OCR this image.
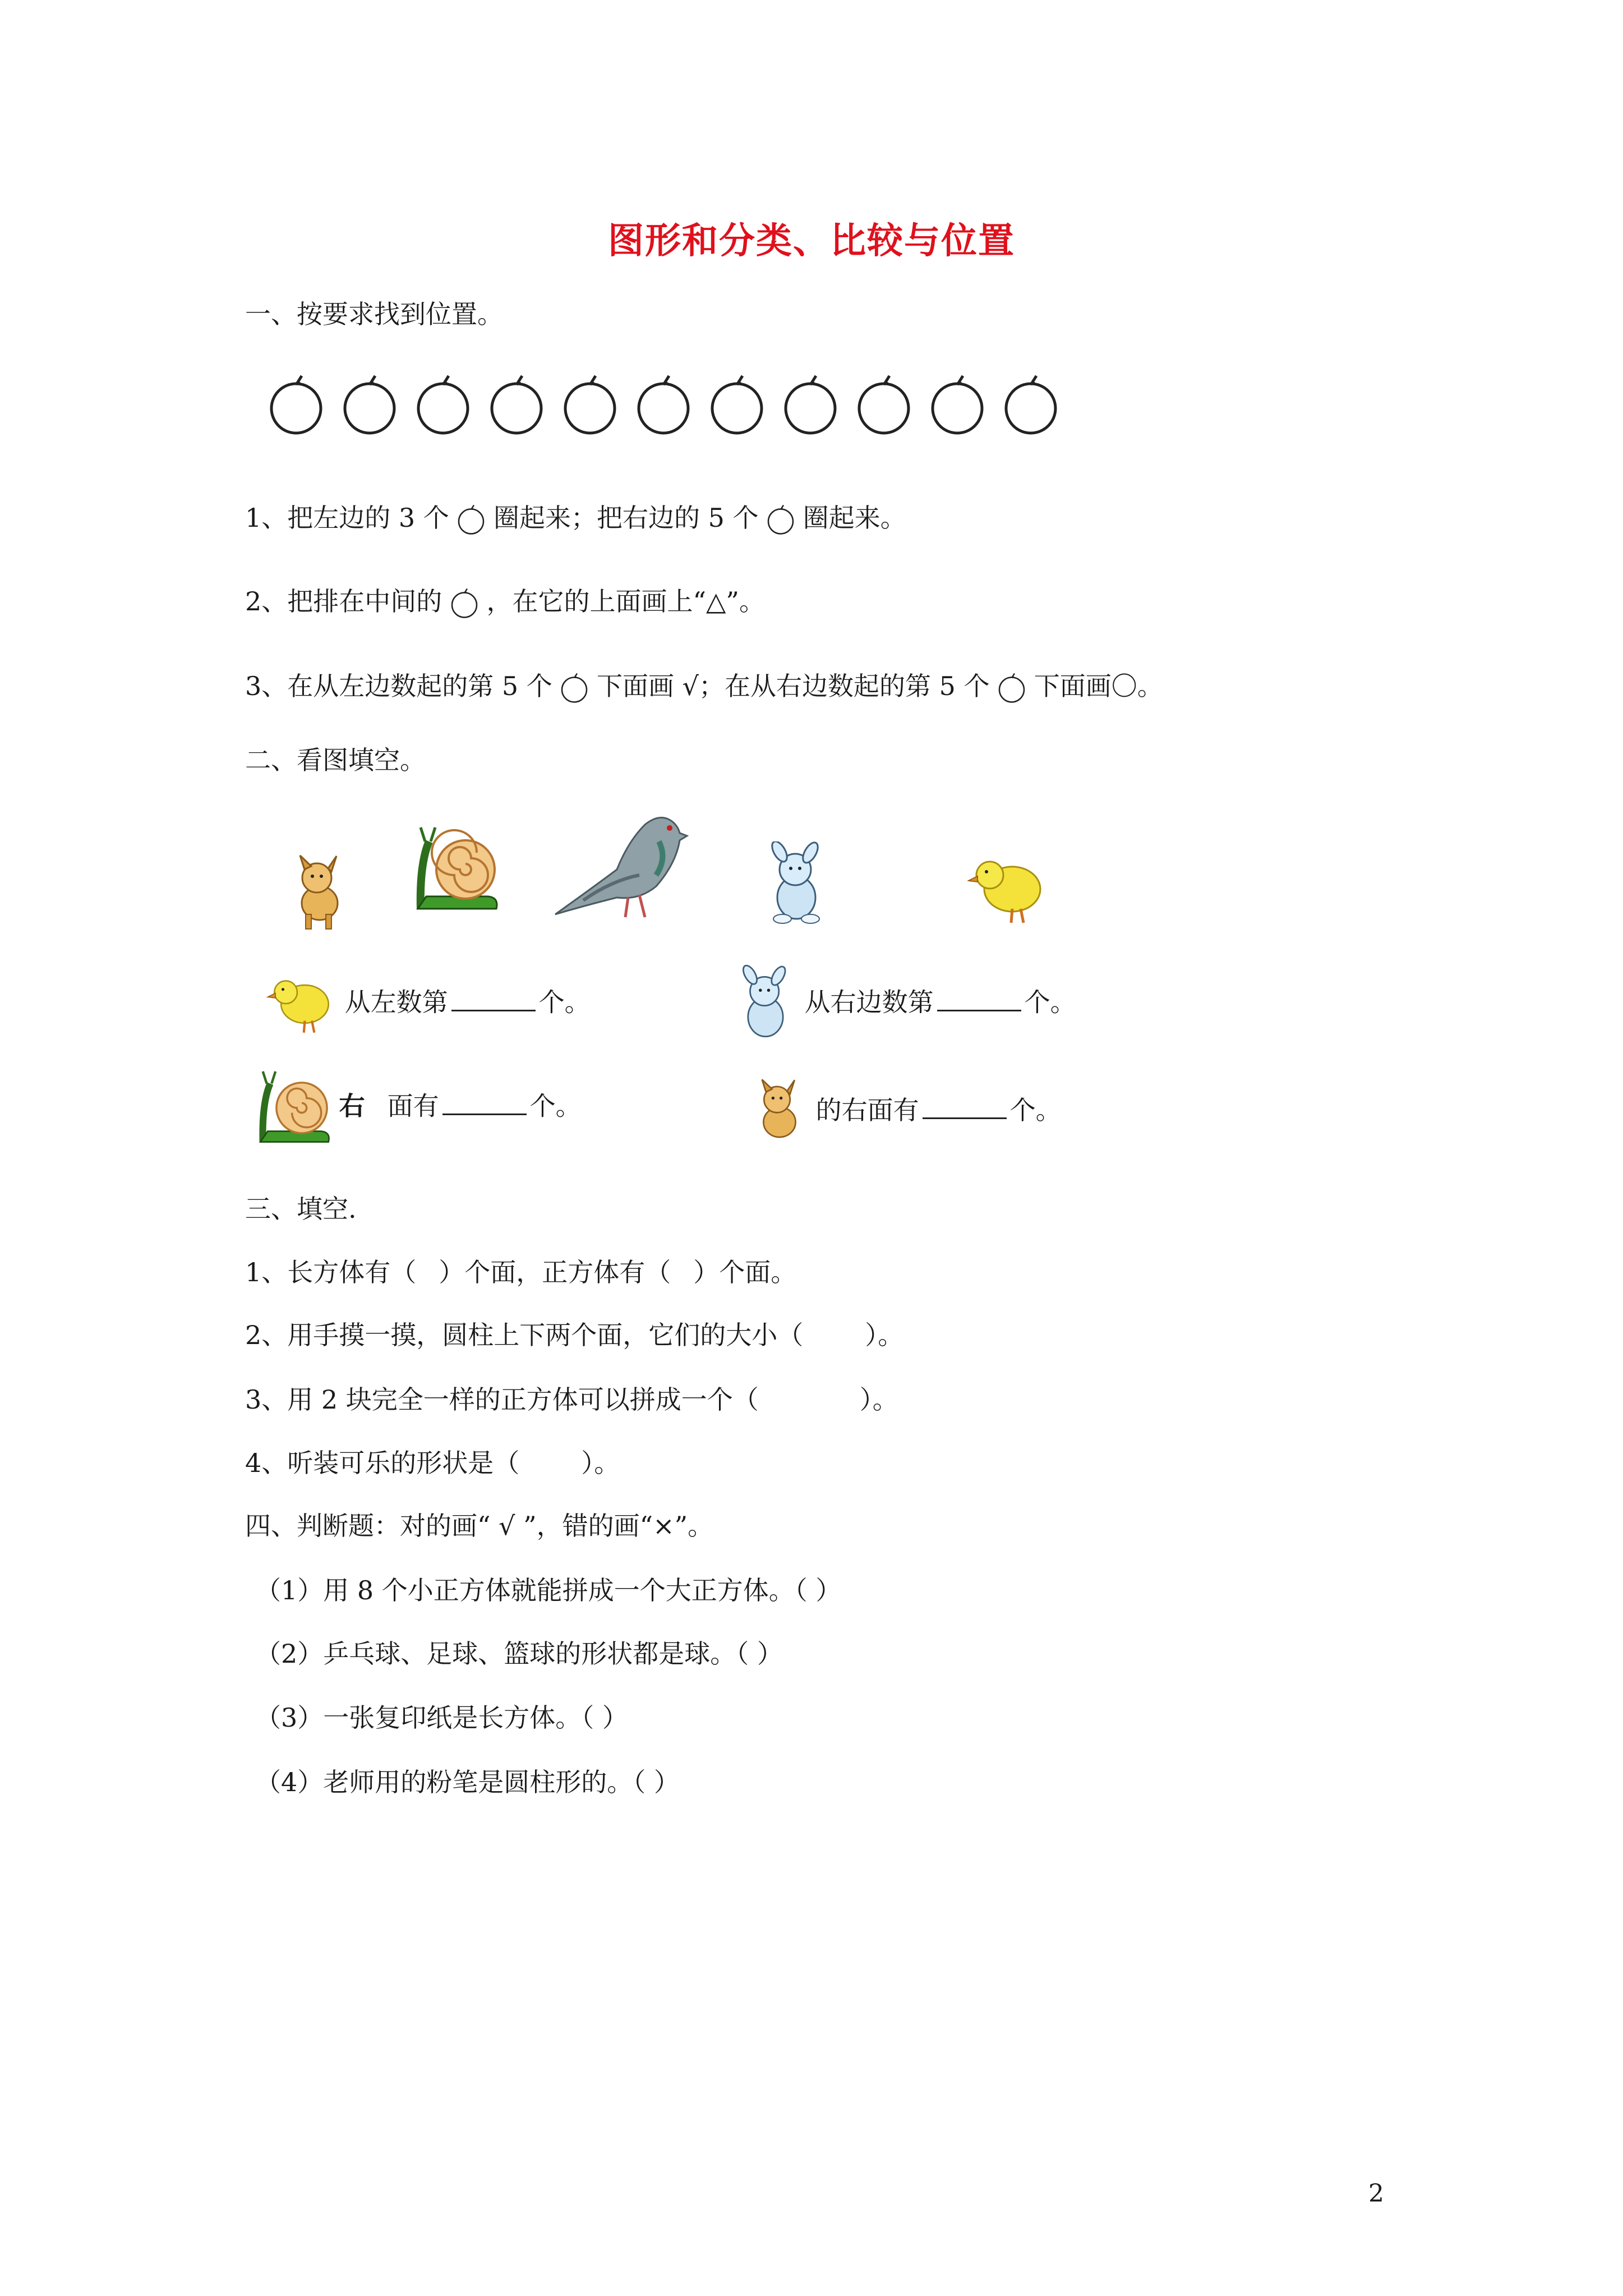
图形和分类、比较与位置
一、按要求找到位置。
1、把左边的 3 个 圈起来；把右边的 5 个 圈起来。
2、把排在中间的 ，在它的上面画上“△”。
3、在从左边数起的第 5 个 下面画 √；在从右边数起的第 5 个 下面画〇。
二、看图填空。
从左数第	个。	从右边数第	个。
右 面有	个。	的右面有	个。
三、填空.
1、长方体有（ ）个面，正方体有（ ）个面。
2、用手摸一摸，圆柱上下两个面，它们的大小（ ）。
3、用 2 块完全一样的正方体可以拼成一个（	）。
4、听装可乐的形状是（ ）。
四、判断题：对的画“ √ ”，错的画“×”。
（1）用 8 个小正方体就能拼成一个大正方体。（ ）
（2）乒乓球、足球、篮球的形状都是球。（ ）
（3）一张复印纸是长方体。（ ）
（4）老师用的粉笔是圆柱形的。（ ）
2
